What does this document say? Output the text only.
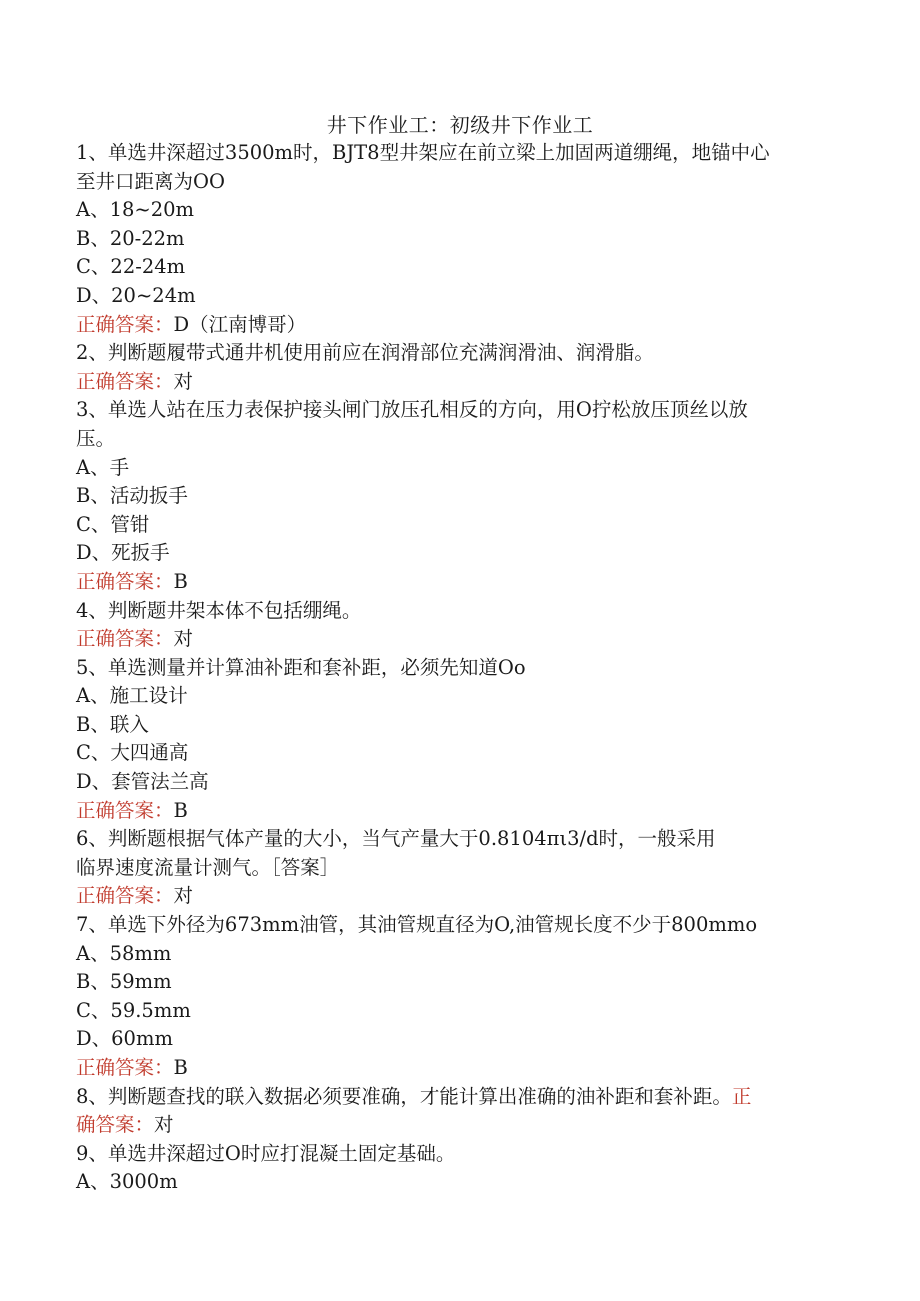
井下作业工：初级井下作业工
1、单选井深超过3500m时，BJT8型井架应在前立梁上加固两道绷绳，地锚中心
至井口距离为OO
A、18~20m
B、20-22m
C、22-24m
D、20~24m
正确答案：D（江南博哥）
2、判断题履带式通井机使用前应在润滑部位充满润滑油、润滑脂。
正确答案：对
3、单选人站在压力表保护接头闸门放压孔相反的方向，用O拧松放压顶丝以放
压。
A、手
B、活动扳手
C、管钳
D、死扳手
正确答案：B
4、判断题井架本体不包括绷绳。
正确答案：对
5、单选测量并计算油补距和套补距，必须先知道Oo
A、施工设计
B、联入
C、大四通高
D、套管法兰高
正确答案：B
6、判断题根据气体产量的大小，当气产量大于0.8104πι3/d时，一般采用
临界速度流量计测气。［答案］
正确答案：对
7、单选下外径为673mm油管，其油管规直径为O,油管规长度不少于800mmo
A、58mm
B、59mm
C、59.5mm
D、60mm
正确答案：B
8、判断题查找的联入数据必须要准确，才能计算出准确的油补距和套补距。正
确答案：对
9、单选井深超过O时应打混凝土固定基础。
A、3000m
